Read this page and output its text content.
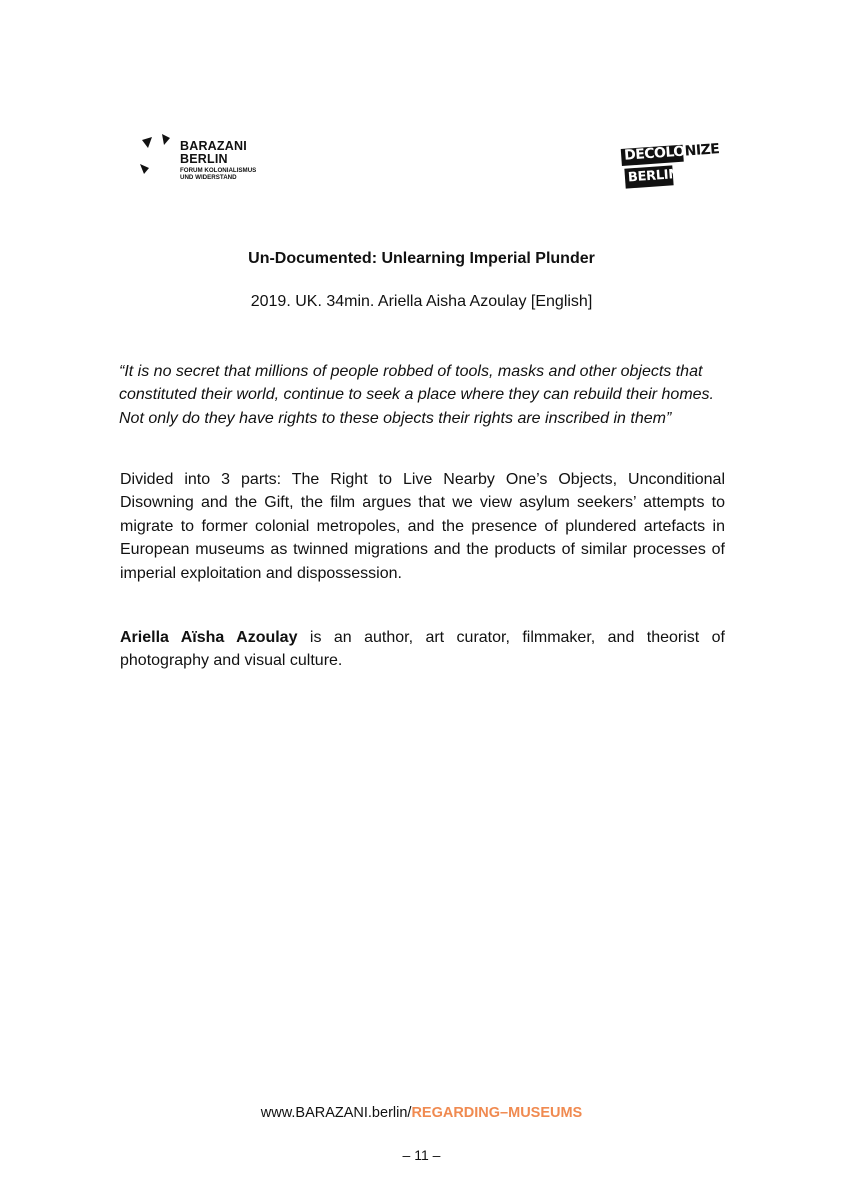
BARAZANI
BERLIN
FORUM KOLONIALISMUS
UND WIDERSTAND
DECOLONIZE
BERLIN
Un-Documented: Unlearning Imperial Plunder
2019. UK. 34min. Ariella Aisha Azoulay [English]
“It is no secret that millions of people robbed of tools, masks and other objects that constituted their world, continue to seek a place where they can rebuild their homes. Not only do they have rights to these objects their rights are inscribed in them”

Divided into 3 parts: The Right to Live Nearby One’s Objects, Unconditional Disowning and the Gift, the film argues that we view asylum seekers’ attempts to migrate to former colonial metropoles, and the presence of plundered artefacts in European museums as twinned migrations and the products of similar processes of imperial exploitation and dispossession.

Ariella Aïsha Azoulay is an author, art curator, filmmaker, and theorist of photography and visual culture.

www.BARAZANI.berlin/REGARDING–MUSEUMS
– 11 –
